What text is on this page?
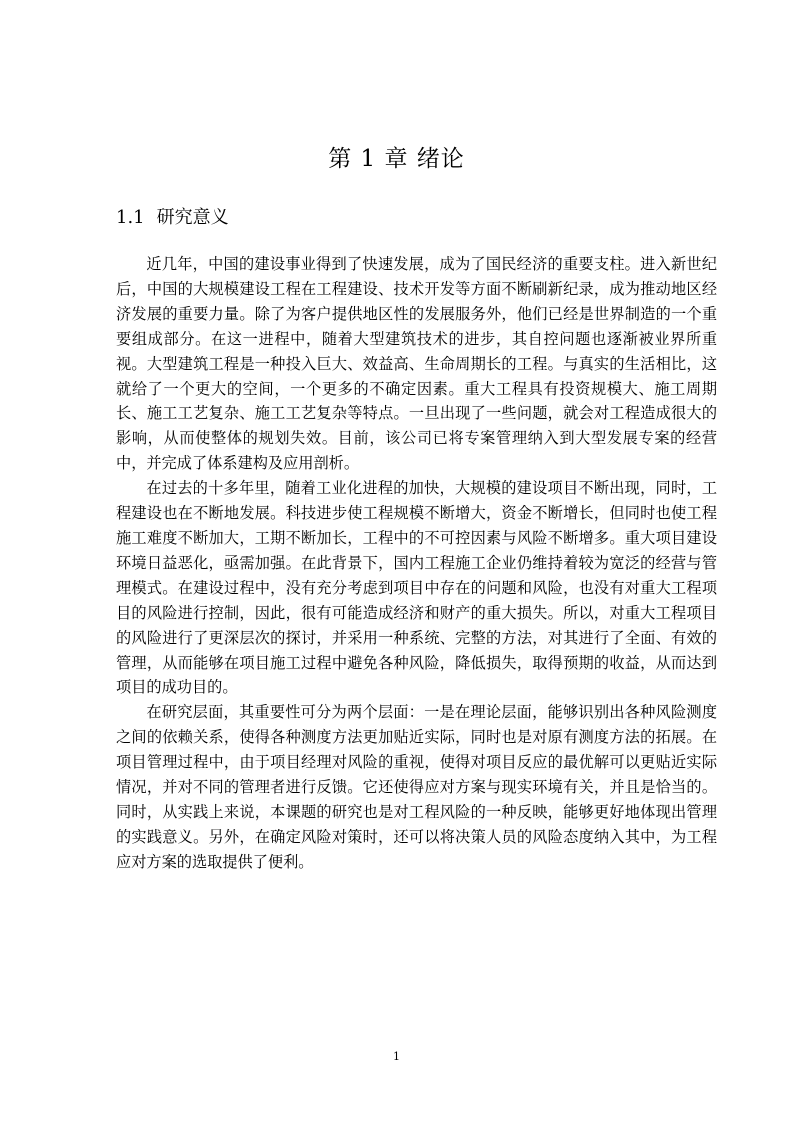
第 1 章 绪论
1.1 研究意义

近几年，中国的建设事业得到了快速发展，成为了国民经济的重要支柱。进入新世纪后，中国的大规模建设工程在工程建设、技术开发等方面不断刷新纪录，成为推动地区经济发展的重要力量。除了为客户提供地区性的发展服务外，他们已经是世界制造的一个重要组成部分。在这一进程中，随着大型建筑技术的进步，其自控问题也逐渐被业界所重视。大型建筑工程是一种投入巨大、效益高、生命周期长的工程。与真实的生活相比，这就给了一个更大的空间，一个更多的不确定因素。重大工程具有投资规模大、施工周期长、施工工艺复杂、施工工艺复杂等特点。一旦出现了一些问题，就会对工程造成很大的影响，从而使整体的规划失效。目前，该公司已将专案管理纳入到大型发展专案的经营中，并完成了体系建构及应用剖析。

在过去的十多年里，随着工业化进程的加快，大规模的建设项目不断出现，同时，工程建设也在不断地发展。科技进步使工程规模不断增大，资金不断增长，但同时也使工程施工难度不断加大，工期不断加长，工程中的不可控因素与风险不断增多。重大项目建设环境日益恶化，亟需加强。在此背景下，国内工程施工企业仍维持着较为宽泛的经营与管理模式。在建设过程中，没有充分考虑到项目中存在的问题和风险，也没有对重大工程项目的风险进行控制，因此，很有可能造成经济和财产的重大损失。所以，对重大工程项目的风险进行了更深层次的探讨，并采用一种系统、完整的方法，对其进行了全面、有效的管理，从而能够在项目施工过程中避免各种风险，降低损失，取得预期的收益，从而达到项目的成功目的。

在研究层面，其重要性可分为两个层面：一是在理论层面，能够识别出各种风险测度之间的依赖关系，使得各种测度方法更加贴近实际，同时也是对原有测度方法的拓展。在项目管理过程中，由于项目经理对风险的重视，使得对项目反应的最优解可以更贴近实际情况，并对不同的管理者进行反馈。它还使得应对方案与现实环境有关，并且是恰当的。同时，从实践上来说，本课题的研究也是对工程风险的一种反映，能够更好地体现出管理的实践意义。另外，在确定风险对策时，还可以将决策人员的风险态度纳入其中，为工程应对方案的选取提供了便利。

1
